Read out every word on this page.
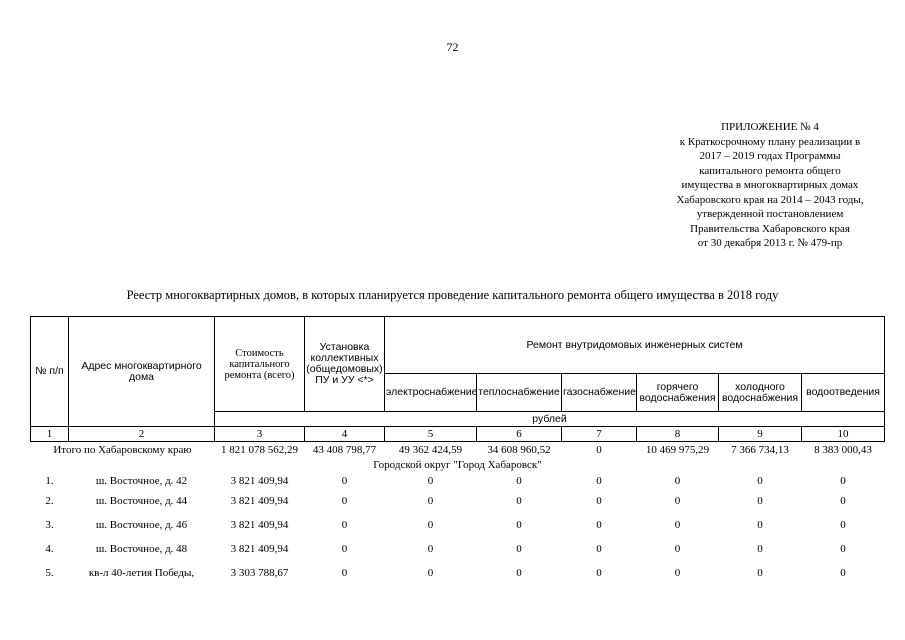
72
ПРИЛОЖЕНИЕ № 4
к Краткосрочному плану реализации в
2017 – 2019 годах Программы
капитального ремонта общего
имущества в многоквартирных домах
Хабаровского края на 2014 – 2043 годы,
утвержденной постановлением
Правительства Хабаровского края
от 30 декабря 2013 г. № 479-пр
Реестр многоквартирных домов, в которых планируется проведение капитального ремонта общего имущества в 2018 году
№ п/п	Адрес многоквартирного дома	Стоимость капитального ремонта (всего)	Установка коллективных (общедомовых) ПУ и УУ <*>	Ремонт внутридомовых инженерных систем					
				электроснабжение	теплоснабжение	газоснабжение	горячего водоснабжения	холодного водоснабжения	водоотведения
		рублей							
1	2	3	4	5	6	7	8	9	10
Итого по Хабаровскому краю		1 821 078 562,29	43 408 798,77	49 362 424,59	34 608 960,52	0	10 469 975,29	7 366 734,13	8 383 000,43
Городской округ "Город Хабаровск"									
1.	ш. Восточное, д. 42	3 821 409,94	0	0	0	0	0	0	0
2.	ш. Восточное, д. 44	3 821 409,94	0	0	0	0	0	0	0
3.	ш. Восточное, д. 46	3 821 409,94	0	0	0	0	0	0	0
4.	ш. Восточное, д. 48	3 821 409,94	0	0	0	0	0	0	0
5.	кв-л 40-летия Победы,	3 303 788,67	0	0	0	0	0	0	0
